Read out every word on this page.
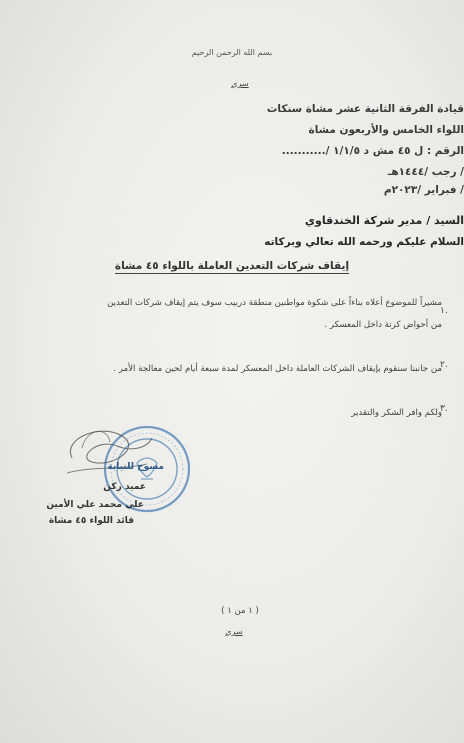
بسم الله الرحمن الرحيم
سري
قيادة الفرقة الثانية عشر مشاة سنكات
اللواء الخامس والأربعون مشاة
الرقم : ل ٤٥ مش د ١/١/٥ /...........
/ رجب /١٤٤٤هـ
/ فبراير /٢٠٢٣م
السيد / مدير شركة الخندقاوي
السلام عليكم ورحمه الله تعالي وبركاته
إيقاف شركات التعدين العاملة باللواء ٤٥ مشاة
١.
مشيراً للموضوع أعلاه بناءاً على شكوة مواطنين منطقة دربيب سوف يتم إيقاف شركات التعدين
من أحواض كرتة داخل المعسكر .
٢.
من جانبنا سنقوم بإيقاف الشركات العاملة داخل المعسكر لمدة سبعة أيام لحين معالجة الأمر .
٣.
ولكم وافر الشكر والتقدير
مسوح للنيابة
عميد ركن
علي محمد علي الأمين
قائد اللواء ٤٥ مشاة
( ١ من ١ )
سري
